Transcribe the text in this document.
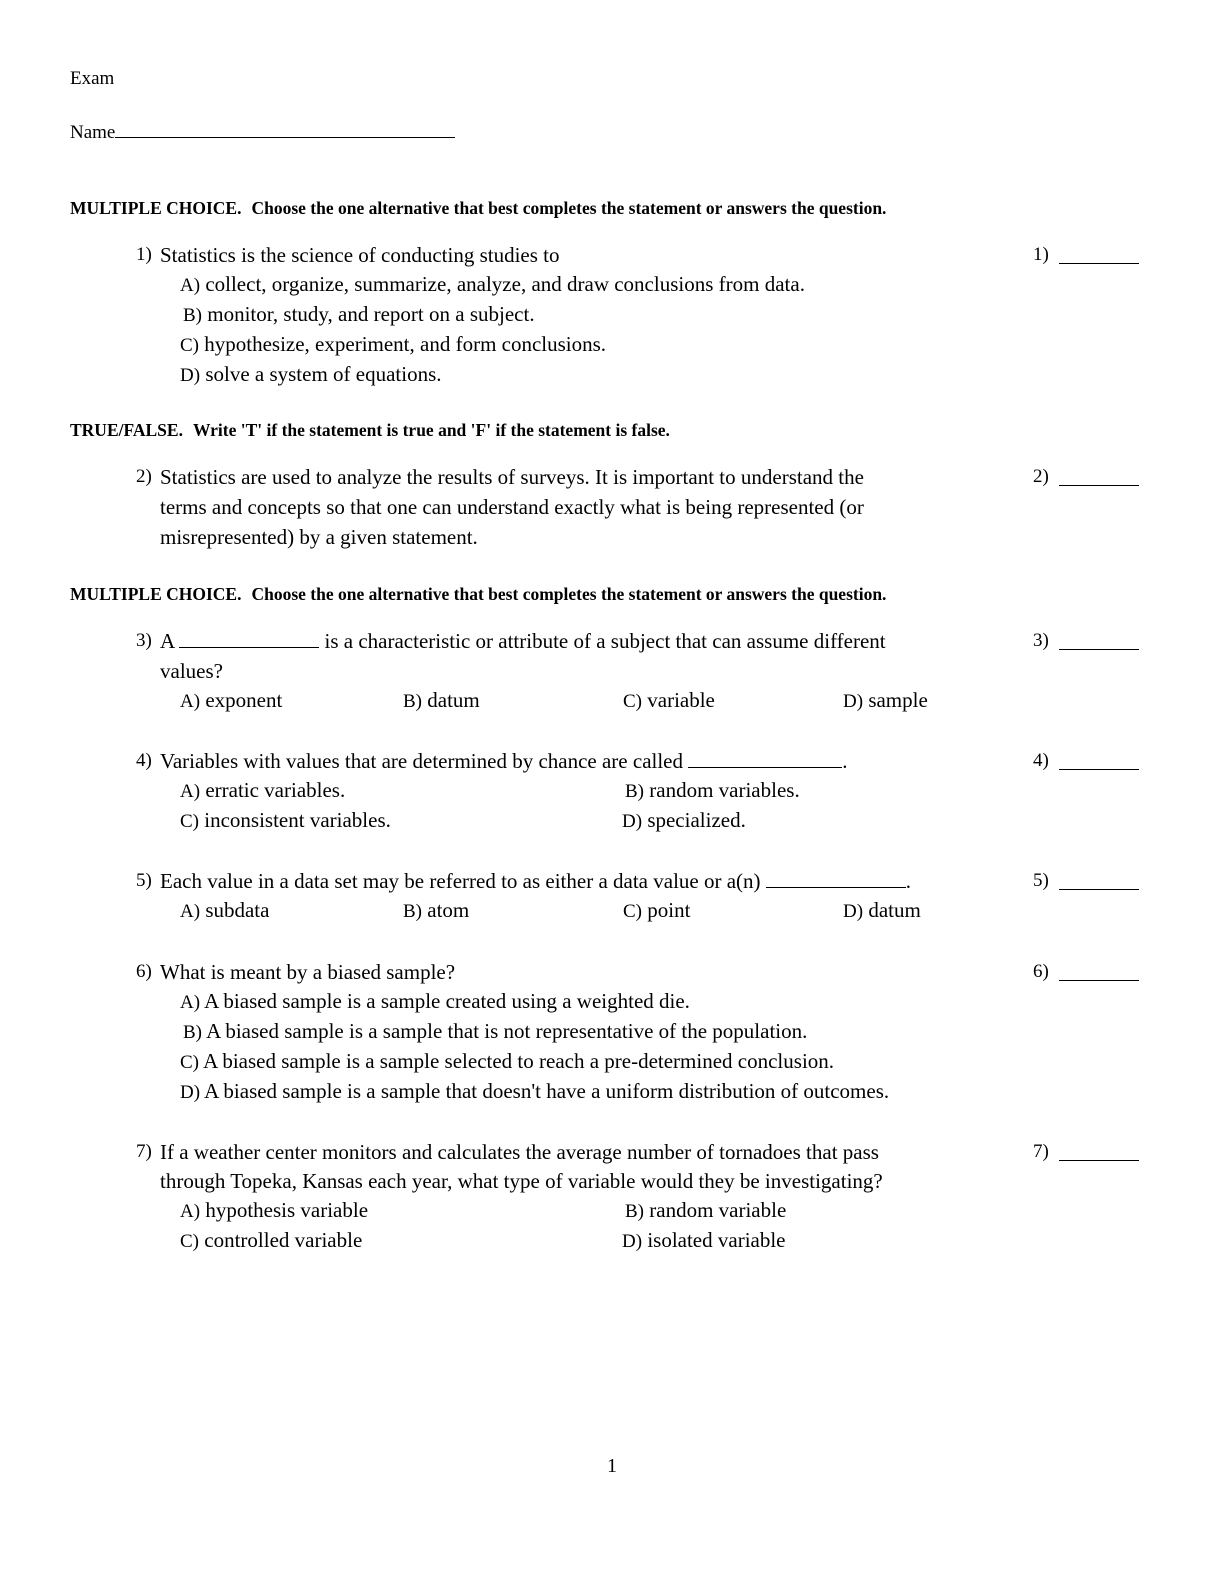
Exam
Name
MULTIPLE CHOICE. Choose the one alternative that best completes the statement or answers the question.
1) Statistics is the science of conducting studies to	1)
A) collect, organize, summarize, analyze, and draw conclusions from data.
B) monitor, study, and report on a subject.
C) hypothesize, experiment, and form conclusions.
D) solve a system of equations.
TRUE/FALSE. Write 'T' if the statement is true and 'F' if the statement is false.
2)	2)
Statistics are used to analyze the results of surveys. It is important to understand the
terms and concepts so that one can understand exactly what is being represented (or
misrepresented) by a given statement.
MULTIPLE CHOICE. Choose the one alternative that best completes the statement or answers the question.
3)	3)
A	is a characteristic or attribute of a subject that can assume different
values?
A) exponent	B) datum	C) variable	D) sample
4)	4)
Variables with values that are determined by chance are called	.
A) erratic variables.	B) random variables.
C) inconsistent variables.	D) specialized.
5)	5)
Each value in a data set may be referred to as either a data value or a(n)	.
A) subdata	B) atom	C) point	D) datum
6) What is meant by a biased sample?	6)
A) A biased sample is a sample created using a weighted die.
B) A biased sample is a sample that is not representative of the population.
C) A biased sample is a sample selected to reach a pre-determined conclusion.
D) A biased sample is a sample that doesn't have a uniform distribution of outcomes.
7)	7)
If a weather center monitors and calculates the average number of tornadoes that pass
through Topeka, Kansas each year, what type of variable would they be investigating?
A) hypothesis variable	B) random variable
C) controlled variable	D) isolated variable
1
